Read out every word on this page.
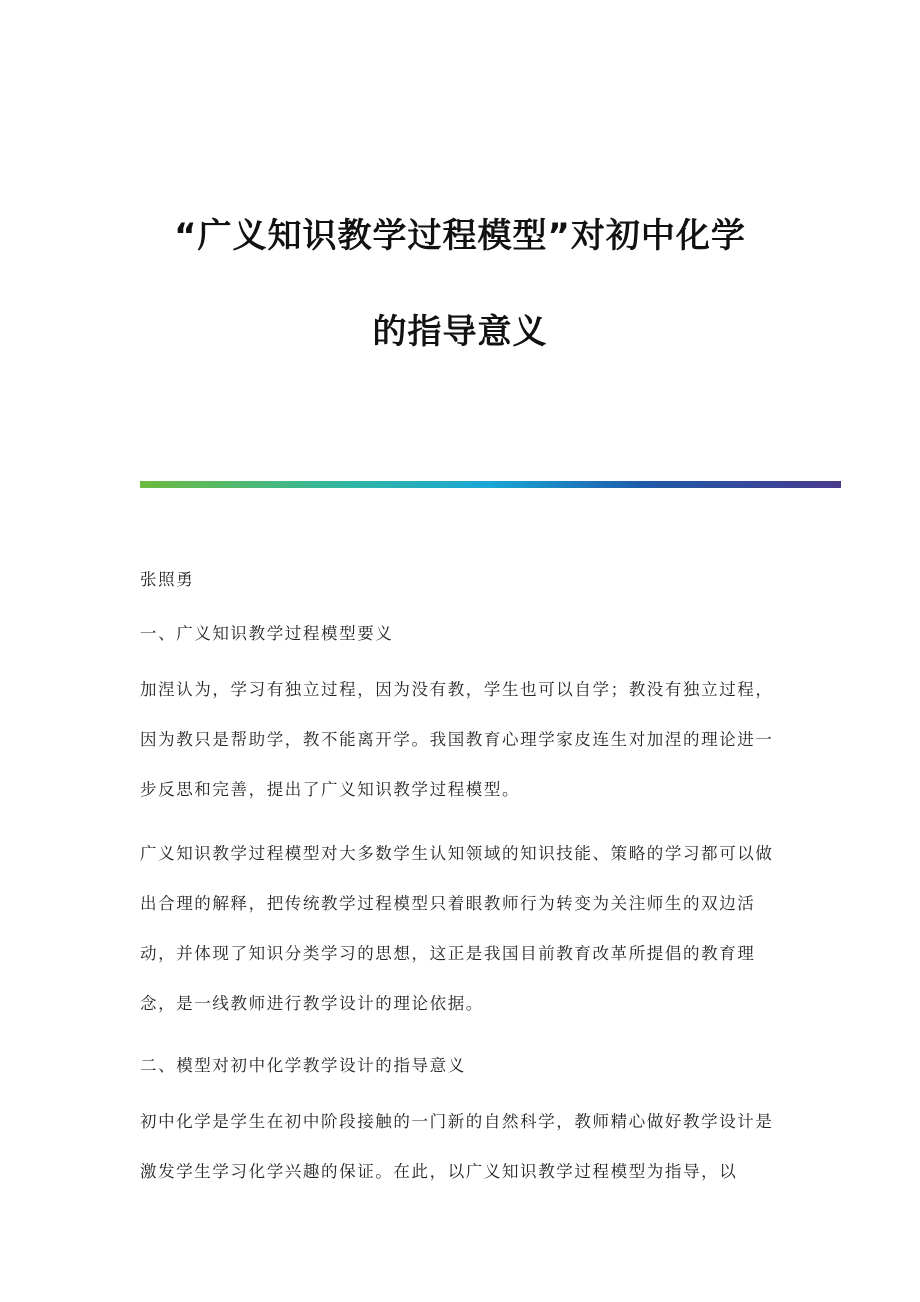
“广义知识教学过程模型”对初中化学
的指导意义

张照勇

一、广义知识教学过程模型要义

加涅认为，学习有独立过程，因为没有教，学生也可以自学；教没有独立过程，因为教只是帮助学，教不能离开学。我国教育心理学家皮连生对加涅的理论进一步反思和完善，提出了广义知识教学过程模型。

广义知识教学过程模型对大多数学生认知领域的知识技能、策略的学习都可以做出合理的解释，把传统教学过程模型只着眼教师行为转变为关注师生的双边活动，并体现了知识分类学习的思想，这正是我国目前教育改革所提倡的教育理念，是一线教师进行教学设计的理论依据。

二、模型对初中化学教学设计的指导意义

初中化学是学生在初中阶段接触的一门新的自然科学，教师精心做好教学设计是激发学生学习化学兴趣的保证。在此，以广义知识教学过程模型为指导，以
